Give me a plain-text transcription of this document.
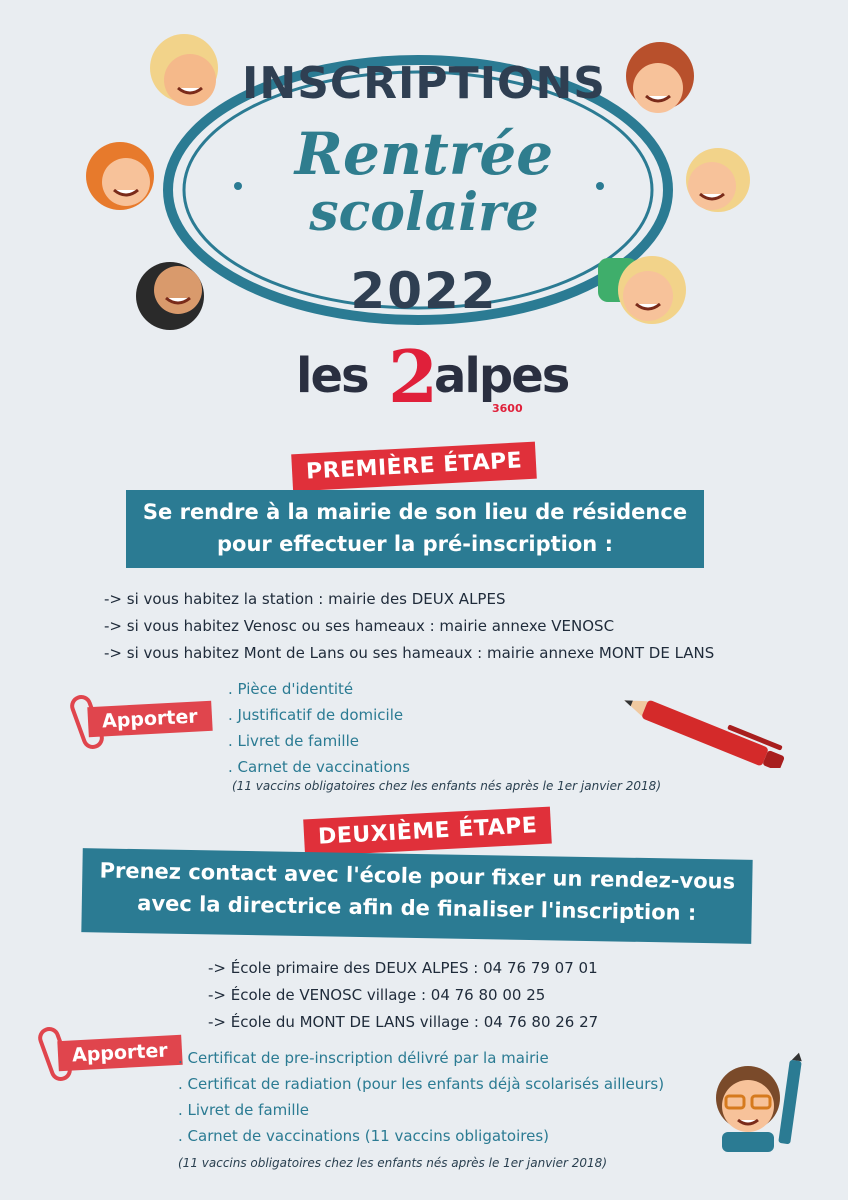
INSCRIPTIONS
Rentrée
scolaire
2022
les 2
alpes
3600
PREMIÈRE ÉTAPE
Se rendre à la mairie de son lieu de résidence
pour effectuer la pré-inscription :
-> si vous habitez la station : mairie des DEUX ALPES
-> si vous habitez Venosc ou ses hameaux : mairie annexe VENOSC
-> si vous habitez Mont de Lans ou ses hameaux : mairie annexe MONT DE LANS
Apporter
. Pièce d'identité
. Justificatif de domicile
. Livret de famille
. Carnet de vaccinations
(11 vaccins obligatoires chez les enfants nés après le 1er janvier 2018)
DEUXIÈME ÉTAPE
Prenez contact avec l'école pour fixer un rendez-vous
avec la directrice afin de finaliser l'inscription :
-> École primaire des DEUX ALPES : 04 76 79 07 01
-> École de VENOSC village : 04 76 80 00 25
-> École du MONT DE LANS village : 04 76 80 26 27
Apporter . Certificat de pre-inscription délivré par la mairie
. Certificat de radiation (pour les enfants déjà scolarisés ailleurs)
. Livret de famille
. Carnet de vaccinations (11 vaccins obligatoires)
(11 vaccins obligatoires chez les enfants nés après le 1er janvier 2018)
